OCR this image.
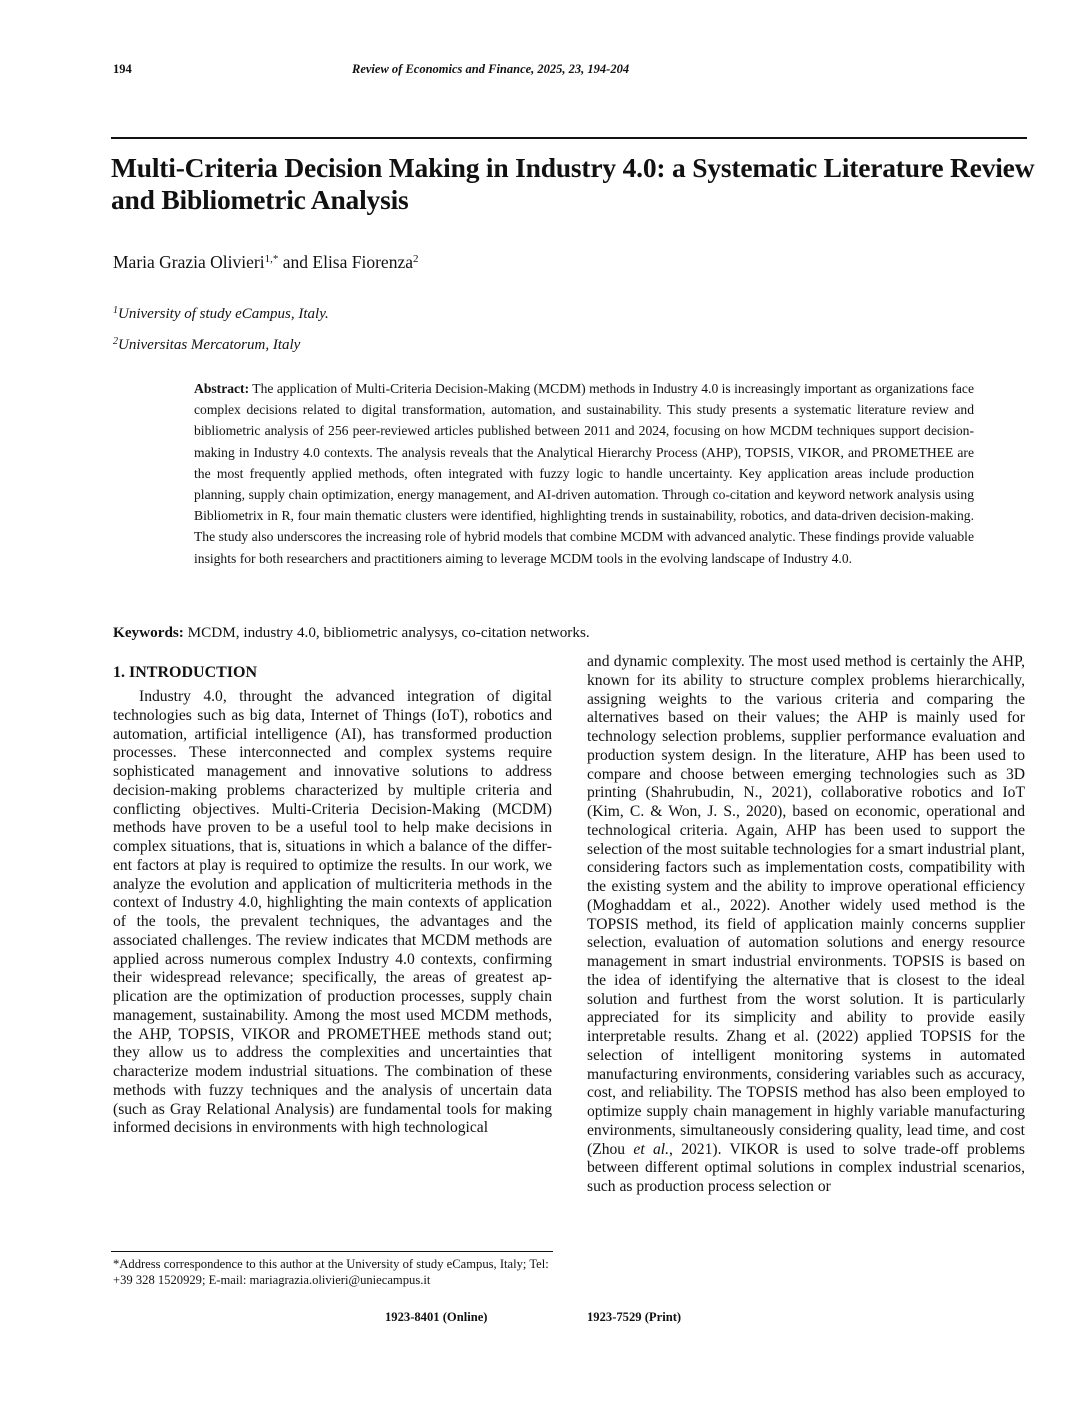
194	Review of Economics and Finance, 2025, 23, 194-204
Multi-Criteria Decision Making in Industry 4.0: a Systematic Literature Review and Bibliometric Analysis
Maria Grazia Olivieri$^{1,*}$ and Elisa Fiorenza$^2$
$^1$University of study eCampus, Italy.
$^2$Universitas Mercatorum, Italy
Abstract: The application of Multi-Criteria Decision-Making (MCDM) methods in Industry 4.0 is increasingly important as organizations face complex decisions related to digital transformation, automation, and sustainability. This study presents a systematic literature review and bibliometric analysis of 256 peer-reviewed articles published between 2011 and 2024, focusing on how MCDM techniques support decision-making in Industry 4.0 contexts. The analysis reveals that the Analytical Hierarchy Process (AHP), TOPSIS, VIKOR, and PROMETHEE are the most frequently applied methods, often integrated with fuzzy logic to handle uncertainty. Key application areas include production planning, supply chain optimization, energy management, and AI-driven automation. Through co-citation and keyword network analysis using Bibliometrix in R, four main thematic clusters were identified, highlighting trends in sustainability, robotics, and data-driven decision-making. The study also underscores the increasing role of hybrid models that combine MCDM with advanced analytic. These findings provide valuable insights for both researchers and practitioners aiming to leverage MCDM tools in the evolving landscape of Industry 4.0.
Keywords: MCDM, industry 4.0, bibliometric analysys, co-citation networks.
1. INTRODUCTION
Industry 4.0, throught the advanced integration of digital technologies such as big data, Internet of Things (IoT), robotics and automation, artificial intelligence (AI), has transformed production processes. These interconnected and complex systems require sophisticated management and innovative solutions to address decision-making problems characterized by multiple criteria and conflicting objectives. Multi-Criteria Decision-Making (MCDM) methods have proven to be a useful tool to help make decisions in complex situations, that is, situations in which a balance of the different factors at play is required to optimize the results. In our work, we analyze the evolution and application of multicriteria methods in the context of Industry 4.0, highlighting the main contexts of application of the tools, the prevalent techniques, the advantages and the associated challenges. The review indicates that MCDM methods are applied across numerous complex Industry 4.0 contexts, confirming their widespread relevance; specifically, the areas of greatest application are the optimization of production processes, supply chain management, sustainability. Among the most used MCDM methods, the AHP, TOPSIS, VIKOR and PROMETHEE methods stand out; they allow us to address the complexities and uncertainties that characterize modem industrial situations. The combination of these methods with fuzzy techniques and the analysis of uncertain data (such as Gray Relational Analysis) are fundamental tools for making informed decisions in environments with high technological
and dynamic complexity. The most used method is certainly the AHP, known for its ability to structure complex problems hierarchically, assigning weights to the various criteria and comparing the alternatives based on their values; the AHP is mainly used for technology selection problems, supplier performance evaluation and production system design. In the literature, AHP has been used to compare and choose between emerging technologies such as 3D printing (Shahrubudin, N., 2021), collaborative robotics and IoT (Kim, C. & Won, J. S., 2020), based on economic, operational and technological criteria. Again, AHP has been used to support the selection of the most suitable technologies for a smart industrial plant, considering factors such as implementation costs, compatibility with the existing system and the ability to improve operational efficiency (Moghaddam et al., 2022). Another widely used method is the TOPSIS method, its field of application mainly concerns supplier selection, evaluation of automation solutions and energy resource management in smart industrial environments. TOPSIS is based on the idea of identifying the alternative that is closest to the ideal solution and furthest from the worst solution. It is particularly appreciated for its simplicity and ability to provide easily interpretable results. Zhang et al. (2022) applied TOPSIS for the selection of intelligent monitoring systems in automated manufacturing environments, considering variables such as accuracy, cost, and reliability. The TOPSIS method has also been employed to optimize supply chain management in highly variable manufacturing environments, simultaneously considering quality, lead time, and cost (Zhou et al., 2021). VIKOR is used to solve trade-off problems between different optimal solutions in complex industrial scenarios, such as production process selection or
*Address correspondence to this author at the University of study eCampus, Italy; Tel: +39 328 1520929; E-mail: mariagrazia.olivieri@uniecampus.it
1923-8401 (Online)	1923-7529 (Print)
